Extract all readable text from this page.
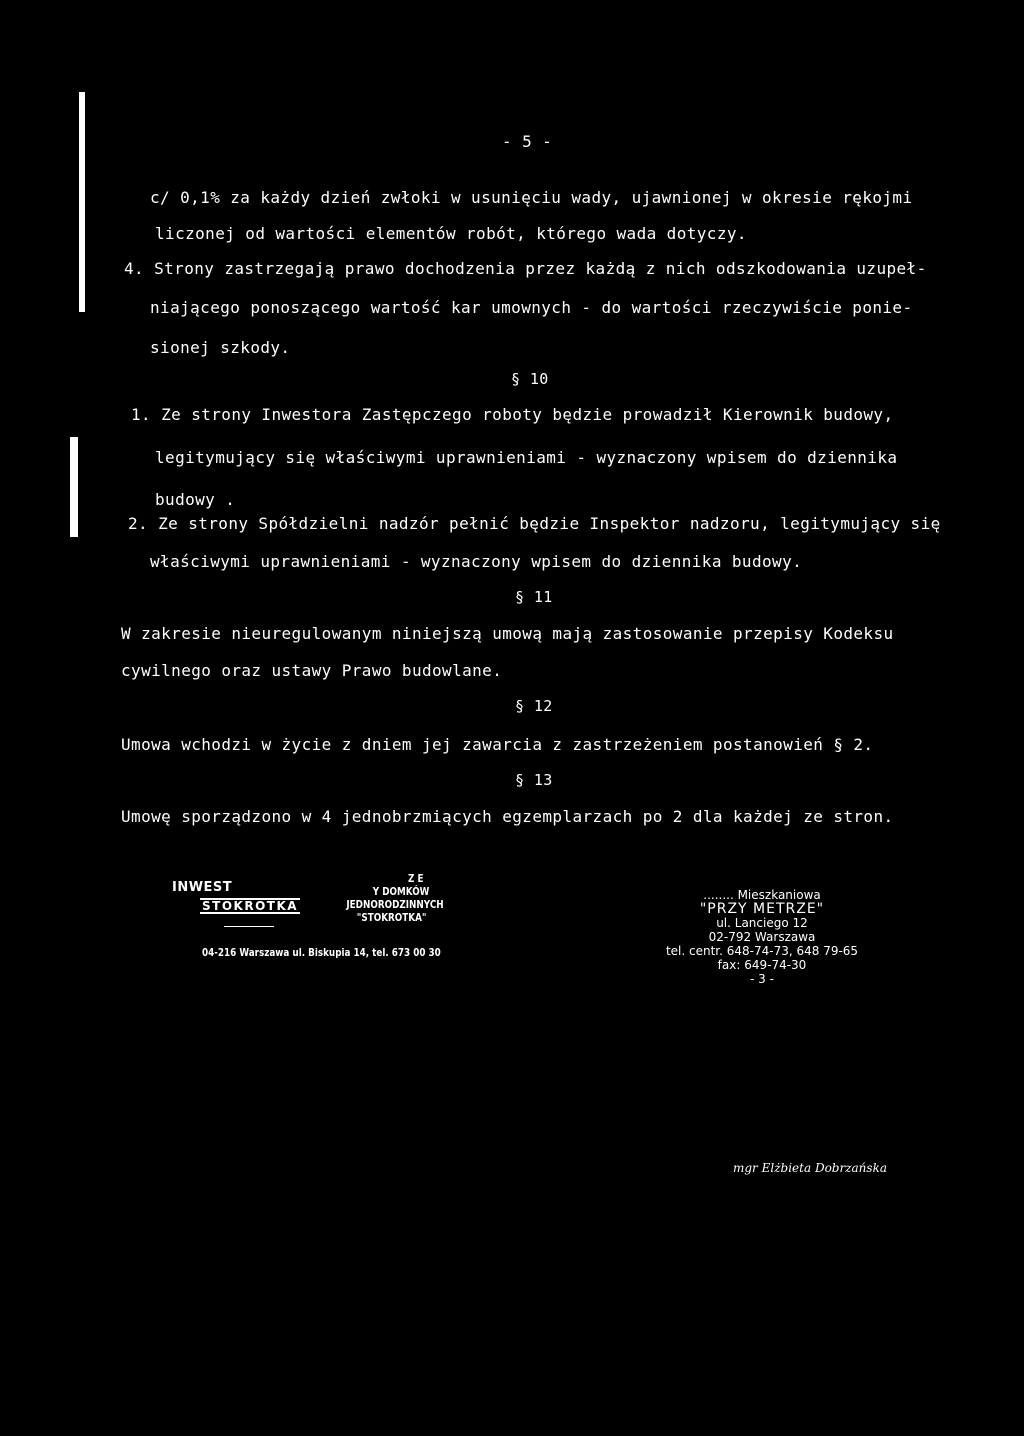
- 5 -
c/ 0,1% za każdy dzień zwłoki w usunięciu wady, ujawnionej w okresie rękojmi
liczonej od wartości elementów robót, którego wada dotyczy.
4. Strony zastrzegają prawo dochodzenia przez każdą z nich odszkodowania uzupeł-
niającego ponoszącego wartość kar umownych - do wartości rzeczywiście ponie-
sionej szkody.
§ 10
1. Ze strony Inwestora Zastępczego roboty będzie prowadził Kierownik budowy,
legitymujący się właściwymi uprawnieniami - wyznaczony wpisem do dziennika
budowy .
2. Ze strony Spółdzielni nadzór pełnić będzie Inspektor nadzoru, legitymujący się
właściwymi uprawnieniami - wyznaczony wpisem do dziennika budowy.
§ 11
W zakresie nieuregulowanym niniejszą umową mają zastosowanie przepisy Kodeksu
cywilnego oraz ustawy Prawo budowlane.
§ 12
Umowa wchodzi w życie z dniem jej zawarcia z zastrzeżeniem postanowień § 2.
§ 13
Umowę sporządzono w 4 jednobrzmiących egzemplarzach po 2 dla każdej ze stron.
INWEST
STOKROTKA
Z E
Y DOMKÓW
JEDNORODZINNYCH
"STOKROTKA"
04-216 Warszawa ul. Biskupia 14, tel. 673 00 30
........ Mieszkaniowa
"PRZY METRZE"
ul. Lanciego 12
02-792 Warszawa
tel. centr. 648-74-73, 648 79-65
fax: 649-74-30
- 3 -
mgr Elżbieta Dobrzańska
